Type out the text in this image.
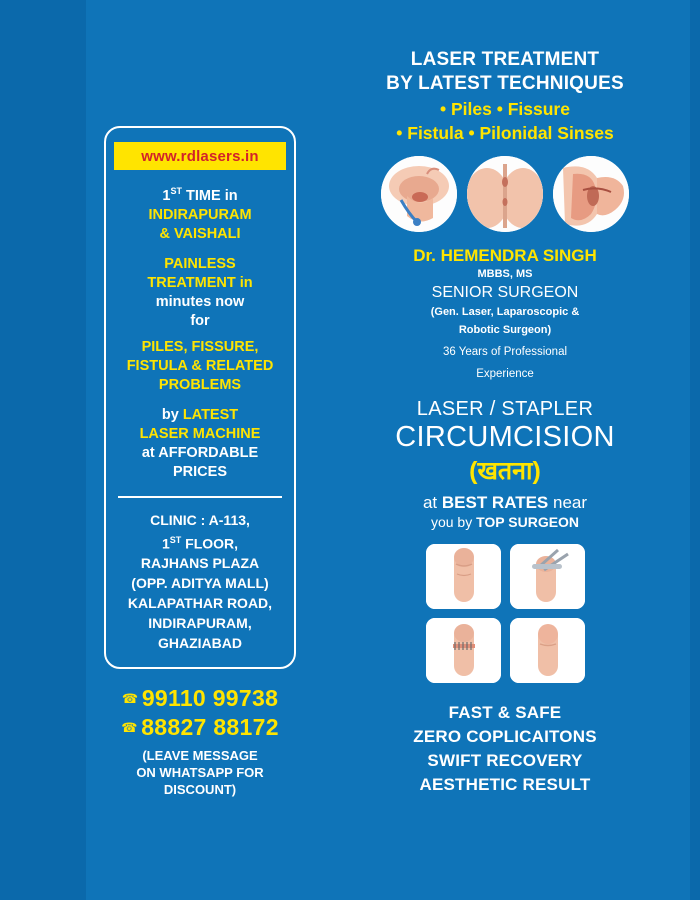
www.rdlasers.in
1ST TIME in
INDIRAPURAM
& VAISHALI
PAINLESS
TREATMENT in
minutes now
for
PILES, FISSURE,
FISTULA & RELATED
PROBLEMS
by LATEST
LASER MACHINE
at AFFORDABLE
PRICES
CLINIC : A-113,
1ST FLOOR,
RAJHANS PLAZA
(OPP. ADITYA MALL)
KALAPATHAR ROAD,
INDIRAPURAM,
GHAZIABAD
☎ 99110 99738
☎ 88827 88172
(LEAVE MESSAGE
ON WHATSAPP FOR DISCOUNT)
LASER TREATMENT
BY LATEST TECHNIQUES
• Piles • Fissure
• Fistula • Pilonidal Sinses
Dr. HEMENDRA SINGH
MBBS, MS
SENIOR SURGEON
(Gen. Laser, Laparoscopic &
Robotic Surgeon)
36 Years of Professional
Experience
LASER / STAPLER
CIRCUMCISION
(खतना)
at BEST RATES near
you by TOP SURGEON
FAST & SAFE
ZERO COPLICAITONS
SWIFT RECOVERY
AESTHETIC RESULT
